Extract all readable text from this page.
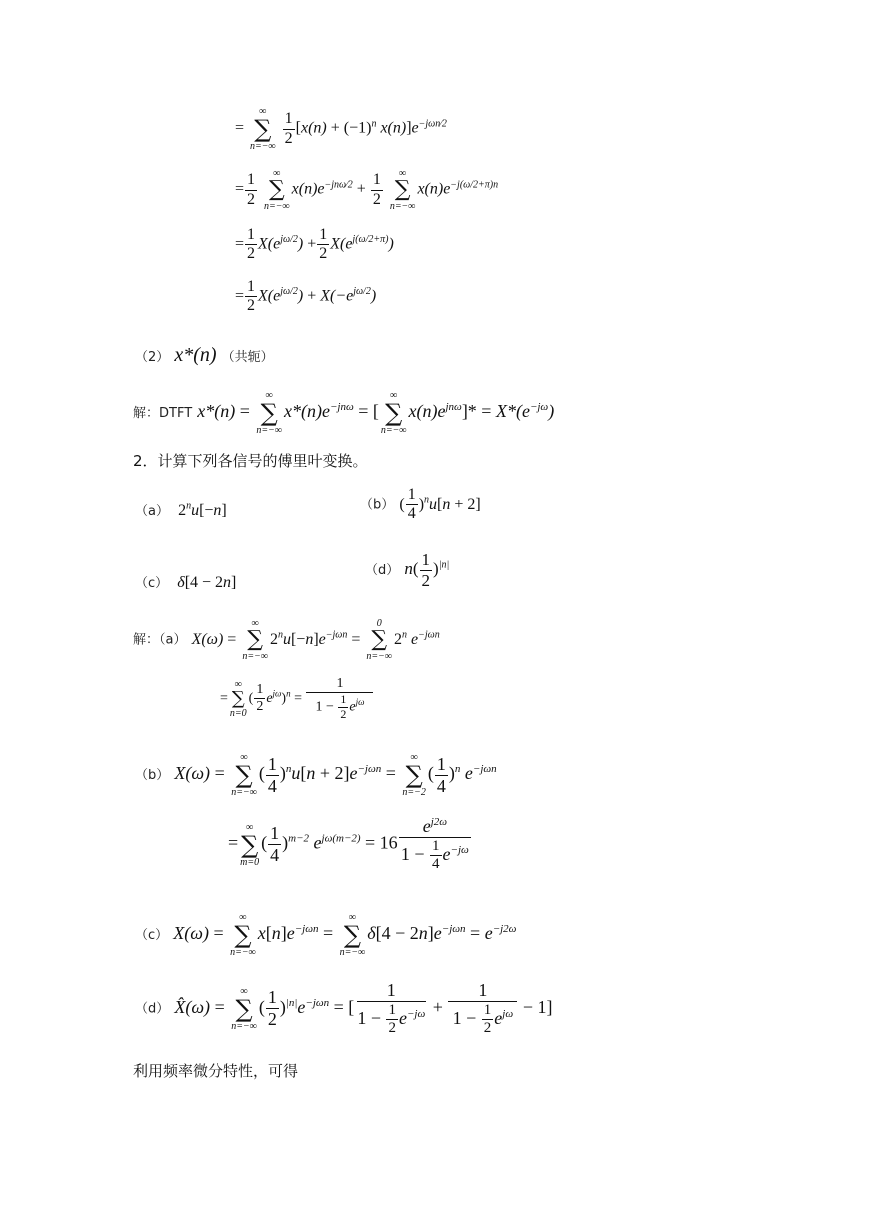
=
∞
∑
n=−∞
$\frac{1}{2} [x(n) + (-1)^n$ $x(n)]e^{-j\omega n⁄2}$
= $\frac{1}{2}$
∞
∑
n=−∞
$x(n)e^{-jn\omega⁄2} + \frac{1}{2}$
∞
∑
n=−∞
$x(n)e^{-j(\omega/2+\pi)n}$
= $\frac{1}{2} X(e^{j\omega/2}) + \frac{1}{2} X(e^{j(\omega/2+\pi)})$
= $\frac{1}{2} X(e^{j\omega/2}) + X(-e^{j\omega/2})$
（2） x*(n) （共轭）
解：DTFT x*(n) =
∞
∑
n=−∞
$x*(n)e^{-jn\omega}$ = [
∞
∑
n=−∞
$x(n)e^{jn\omega}]* = X*(e^{-j\omega})$
2．计算下列各信号的傅里叶变换。
（a） $2^nu[-n]$	（b） ( $\frac{1}{4} )^nu[n + 2]$
（c）  δ[4 − 2n]
（d） $n( \frac{1}{2} )^{|n|}$
解：（a） X(ω) =
∞
∑
n=−∞
$2^nu[-n]e^{-j\omega n}$ =
0
∑
n=−∞
2$^n$ $e^{-j\omega n}$
=
∞
∑
n=0
( $\frac{1}{2} e^{j\omega})^n = \frac{1}{1 - \frac{1}{2} e^{j\omega}}$
（b） X(ω) =
∞
∑
n=−∞
( $\frac{1}{4} )^nu[n + 2]e^{-j\omega n}$ =
∞
∑
n=−2
( $\frac{1}{4} )^n$ $e^{-j\omega n}$
=
∞
∑
m=0
( $\frac{1}{4} )^{m-2}$ $e^{j\omega(m-2)} = 16 \frac{e^{j2\omega}}{1 - \frac{1}{4} e^{-j\omega}}$
（c） X(ω) =
∞
∑
n=−∞
$x[n]e^{-j\omega n}$ =
∞
∑
n=−∞
$\delta[4 - 2n]e^{-j\omega n} = e^{-j2\omega}$
（d） X̂(ω) =
∞
∑
n=−∞
( $\frac{1}{2} )^{|n|}e^{-j\omega n}$ = [ $\frac{1}{1 - \frac{1}{2} e^{-j\omega}} + \frac{1}{1 - \frac{1}{2} e^{j\omega}} - 1$]
利用频率微分特性，可得
